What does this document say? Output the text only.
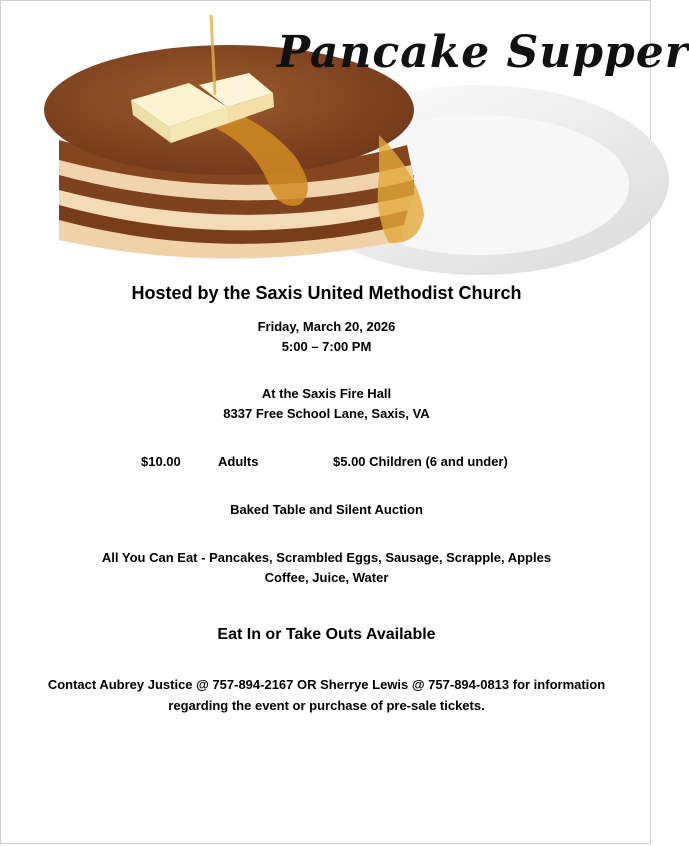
Pancake Supper
Hosted by the Saxis United Methodist Church
Friday, March 20, 2026
5:00 – 7:00 PM
At the Saxis Fire Hall
8337 Free School Lane, Saxis, VA
$10.00	Adults	$5.00 Children (6 and under)
Baked Table and Silent Auction
All You Can Eat - Pancakes, Scrambled Eggs, Sausage, Scrapple, Apples
Coffee, Juice, Water
Eat In or Take Outs Available
Contact Aubrey Justice @ 757-894-2167 OR Sherrye Lewis @ 757-894-0813 for information
regarding the event or purchase of pre-sale tickets.
